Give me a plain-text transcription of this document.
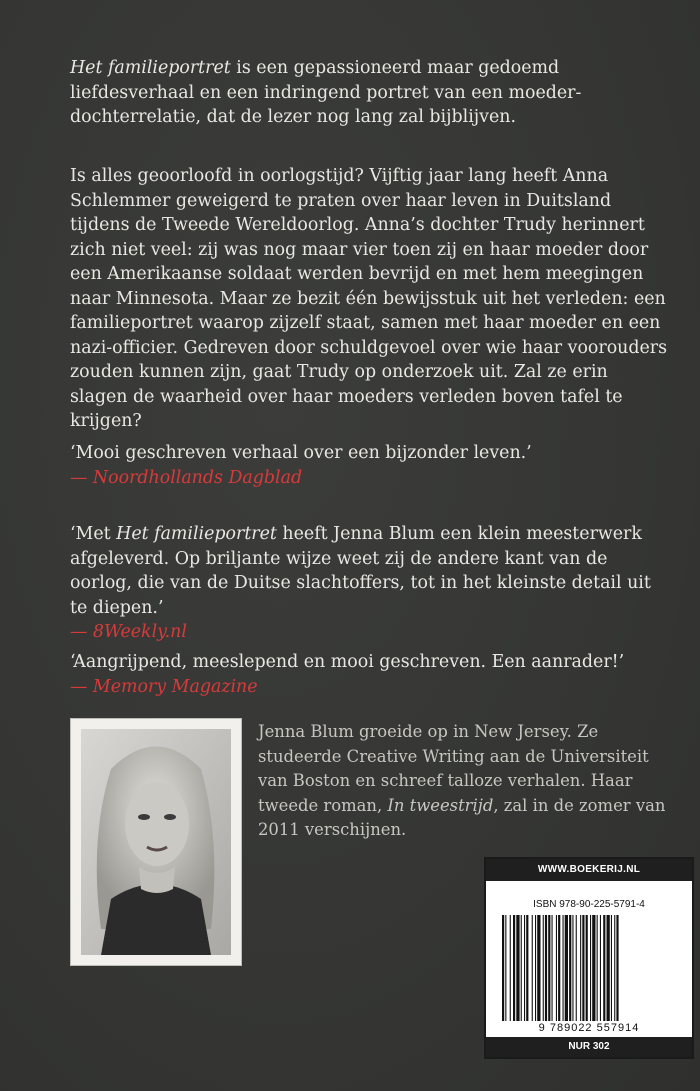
Het familieportret is een gepassioneerd maar gedoemd liefdesverhaal en een indringend portret van een moeder-dochterrelatie, dat de lezer nog lang zal bijblijven.

Is alles geoorloofd in oorlogstijd? Vijftig jaar lang heeft Anna Schlemmer geweigerd te praten over haar leven in Duitsland tijdens de Tweede Wereldoorlog. Anna’s dochter Trudy herinnert zich niet veel: zij was nog maar vier toen zij en haar moeder door een Amerikaanse soldaat werden bevrijd en met hem meegingen naar Minnesota. Maar ze bezit één bewijsstuk uit het verleden: een familieportret waarop zijzelf staat, samen met haar moeder en een nazi-officier. Gedreven door schuldgevoel over wie haar voorouders zouden kunnen zijn, gaat Trudy op onderzoek uit. Zal ze erin slagen de waarheid over haar moeders verleden boven tafel te krijgen?

‘Mooi geschreven verhaal over een bijzonder leven.’

— Noordhollands Dagblad

‘Met Het familieportret heeft Jenna Blum een klein meesterwerk afgeleverd. Op briljante wijze weet zij de andere kant van de oorlog, die van de Duitse slachtoffers, tot in het kleinste detail uit te diepen.’

— 8Weekly.nl

‘Aangrijpend, meeslepend en mooi geschreven. Een aanrader!’

— Memory Magazine

Jenna Blum groeide op in New Jersey. Ze studeerde Creative Writing aan de Universiteit van Boston en schreef talloze verhalen. Haar tweede roman, In tweestrijd, zal in de zomer van 2011 verschijnen.
WWW.BOEKERIJ.NL
ISBN 978-90-225-5791-4
9 789022 557914
NUR 302
